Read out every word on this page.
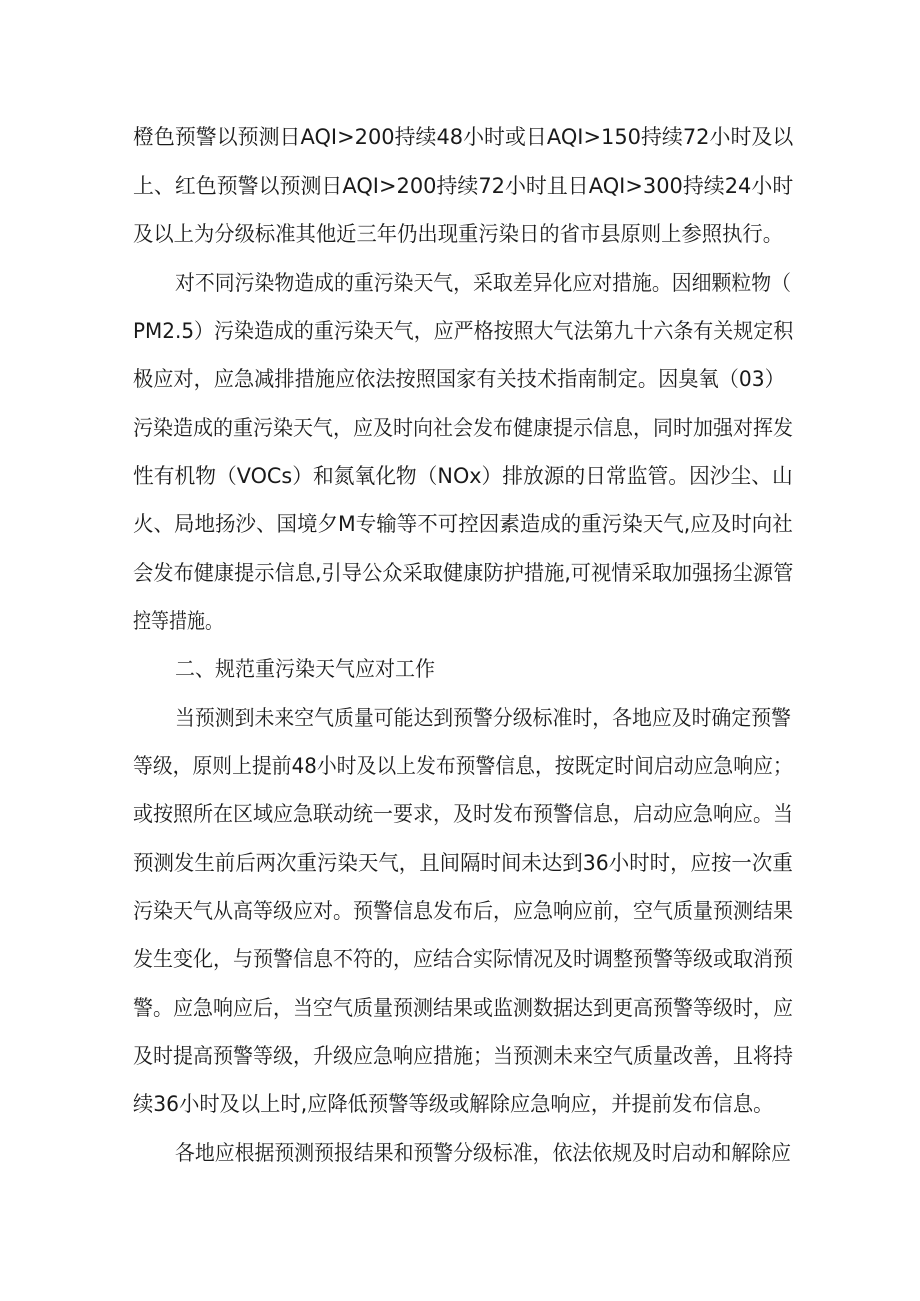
橙色预警以预测日AQI>200持续48小时或日AQI>150持续72小时及以

上、红色预警以预测日AQI>200持续72小时且日AQI>300持续24小时

及以上为分级标准其他近三年仍出现重污染日的省市县原则上参照执行。

对不同污染物造成的重污染天气，采取差异化应对措施。因细颗粒物（

PM2.5）污染造成的重污染天气，应严格按照大气法第九十六条有关规定积

极应对，应急减排措施应依法按照国家有关技术指南制定。因臭氧（03）

污染造成的重污染天气，应及时向社会发布健康提示信息，同时加强对挥发

性有机物（VOCs）和氮氧化物（NOx）排放源的日常监管。因沙尘、山

火、局地扬沙、国境夕M专输等不可控因素造成的重污染天气,应及时向社

会发布健康提示信息,引导公众采取健康防护措施,可视情采取加强扬尘源管

控等措施。

二、规范重污染天气应对工作

当预测到未来空气质量可能达到预警分级标准时，各地应及时确定预警

等级，原则上提前48小时及以上发布预警信息，按既定时间启动应急响应；

或按照所在区域应急联动统一要求，及时发布预警信息，启动应急响应。当

预测发生前后两次重污染天气，且间隔时间未达到36小时时，应按一次重

污染天气从高等级应对。预警信息发布后，应急响应前，空气质量预测结果

发生变化，与预警信息不符的，应结合实际情况及时调整预警等级或取消预

警。应急响应后，当空气质量预测结果或监测数据达到更高预警等级时，应

及时提高预警等级，升级应急响应措施；当预测未来空气质量改善，且将持

续36小时及以上时,应降低预警等级或解除应急响应，并提前发布信息。

各地应根据预测预报结果和预警分级标准，依法依规及时启动和解除应
